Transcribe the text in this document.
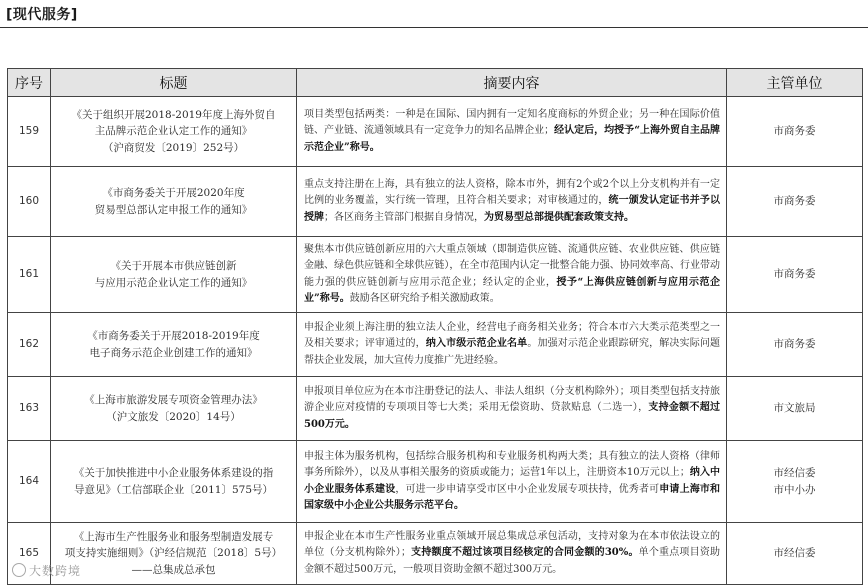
[现代服务]
序号	标题	摘要内容	主管单位
159	《关于组织开展2018-2019年度上海外贸自
主品牌示范企业认定工作的通知》
（沪商贸发〔2019〕252号）	项目类型包括两类：一种是在国际、国内拥有一定知名度商标的外贸企业；另一种在国际价值链、产业链、流通领域具有一定竞争力的知名品牌企业；经认定后，均授予“上海外贸自主品牌示范企业”称号。	市商务委

160	《市商务委关于开展2020年度
贸易型总部认定申报工作的通知》	重点支持注册在上海，具有独立的法人资格，除本市外，拥有2个或2个以上分支机构并有一定比例的业务覆盖，实行统一管理，且符合相关要求；对审核通过的，统一颁发认定证书并予以授牌；各区商务主管部门根据自身情况，为贸易型总部提供配套政策支持。	市商务委

161	《关于开展本市供应链创新
与应用示范企业认定工作的通知》	聚焦本市供应链创新应用的六大重点领域（即制造供应链、流通供应链、农业供应链、供应链金融、绿色供应链和全球供应链），在全市范围内认定一批整合能力强、协同效率高、行业带动能力强的供应链创新与应用示范企业；经认定的企业，授予“上海供应链创新与应用示范企业”称号。鼓励各区研究给予相关激励政策。	市商务委

162	《市商务委关于开展2018-2019年度
电子商务示范企业创建工作的通知》	申报企业须上海注册的独立法人企业，经营电子商务相关业务；符合本市六大类示范类型之一及相关要求；评审通过的，纳入市级示范企业名单。加强对示范企业跟踪研究，解决实际问题帮扶企业发展，加大宣传力度推广先进经验。	市商务委

163	《上海市旅游发展专项资金管理办法》
（沪文旅发〔2020〕14号）	申报项目单位应为在本市注册登记的法人、非法人组织（分支机构除外）；项目类型包括支持旅游企业应对疫情的专项项目等七大类；采用无偿资助、贷款贴息（二选一），支持金额不超过500万元。	市文旅局

164	《关于加快推进中小企业服务体系建设的指
导意见》（工信部联企业〔2011〕575号）	申报主体为服务机构，包括综合服务机构和专业服务机构两大类；具有独立的法人资格（律师事务所除外），以及从事相关服务的资质或能力；运营1年以上，注册资本10万元以上；纳入中小企业服务体系建设，可进一步申请享受市区中小企业发展专项扶持，优秀者可申请上海市和国家级中小企业公共服务示范平台。	市经信委
市中小办

165	《上海市生产性服务业和服务型制造发展专
项支持实施细则》（沪经信规范〔2018〕5号）
——总集成总承包	申报企业在本市生产性服务业重点领域开展总集成总承包活动，支持对象为在本市依法设立的单位（分支机构除外）；支持额度不超过该项目经核定的合同金额的30%。单个重点项目资助金额不超过500万元，一般项目资助金额不超过300万元。	市经信委
大数跨境
